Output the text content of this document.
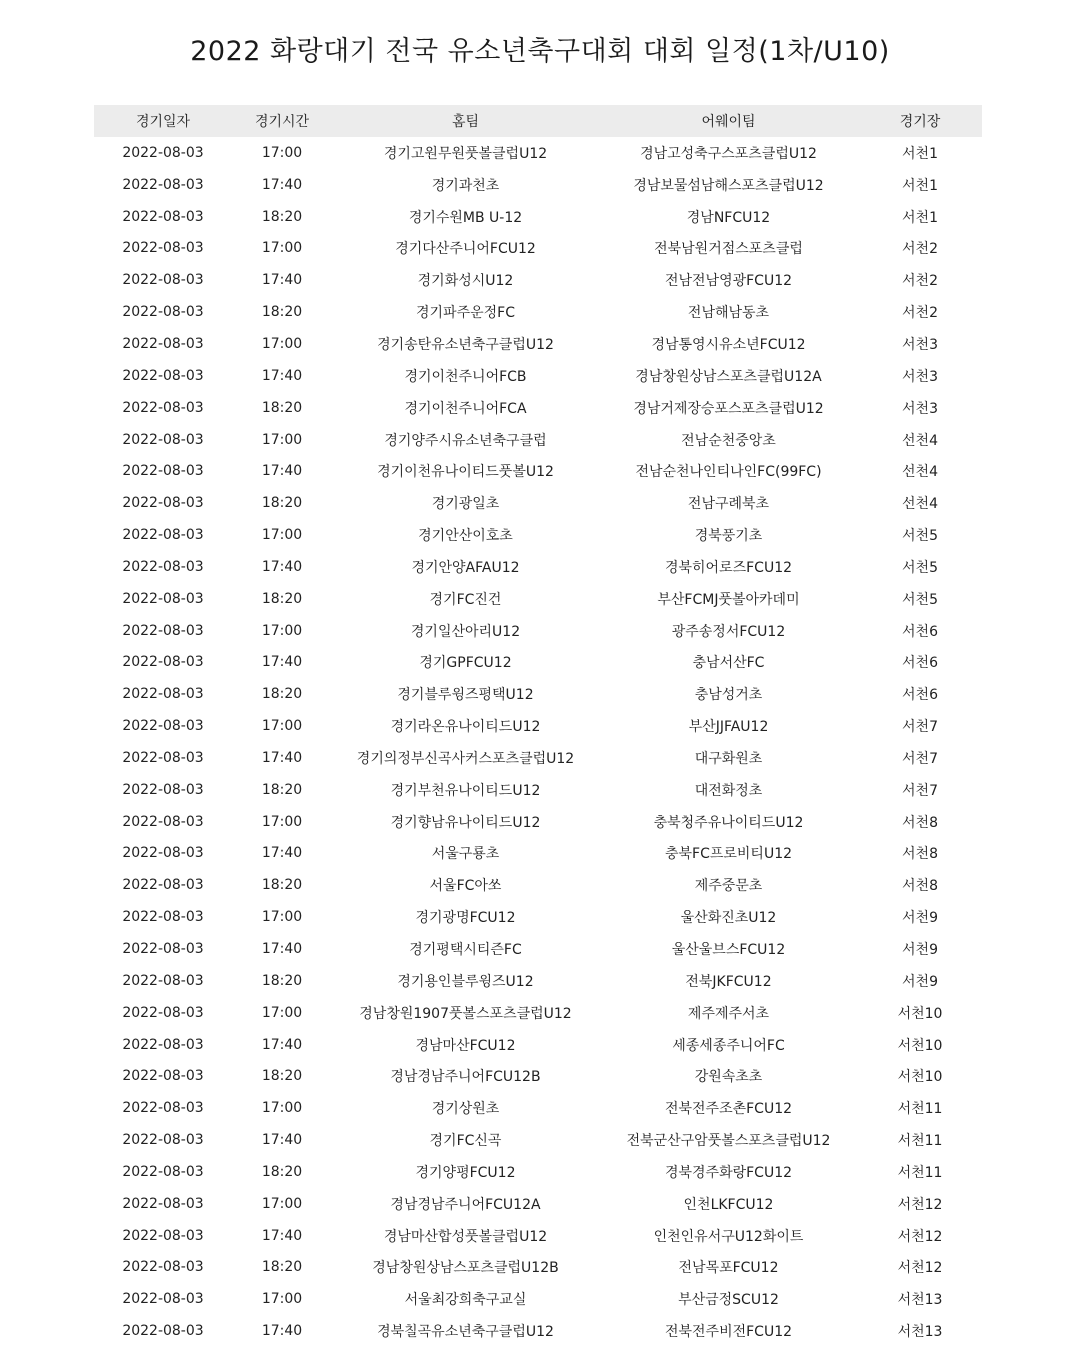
2022 화랑대기 전국 유소년축구대회 대회 일정(1차/U10)
경기일자	경기시간	홈팀	어웨이팀	경기장
2022-08-03	17:00	경기고원무원풋볼클럽U12	경남고성축구스포츠클럽U12	서천1
2022-08-03	17:40	경기과천초	경남보물섬남해스포츠클럽U12	서천1
2022-08-03	18:20	경기수원MB U-12	경남NFCU12	서천1
2022-08-03	17:00	경기다산주니어FCU12	전북남원거점스포츠클럽	서천2
2022-08-03	17:40	경기화성시U12	전남전남영광FCU12	서천2
2022-08-03	18:20	경기파주운정FC	전남해남동초	서천2
2022-08-03	17:00	경기송탄유소년축구클럽U12	경남통영시유소년FCU12	서천3
2022-08-03	17:40	경기이천주니어FCB	경남창원상남스포츠클럽U12A	서천3
2022-08-03	18:20	경기이천주니어FCA	경남거제장승포스포츠클럽U12	서천3
2022-08-03	17:00	경기양주시유소년축구클럽	전남순천중앙초	선천4
2022-08-03	17:40	경기이천유나이티드풋볼U12	전남순천나인티나인FC(99FC)	선천4
2022-08-03	18:20	경기광일초	전남구례북초	선천4
2022-08-03	17:00	경기안산이호초	경북풍기초	서천5
2022-08-03	17:40	경기안양AFAU12	경북히어로즈FCU12	서천5
2022-08-03	18:20	경기FC진건	부산FCMJ풋볼아카데미	서천5
2022-08-03	17:00	경기일산아리U12	광주송정서FCU12	서천6
2022-08-03	17:40	경기GPFCU12	충남서산FC	서천6
2022-08-03	18:20	경기블루윙즈평택U12	충남성거초	서천6
2022-08-03	17:00	경기라온유나이티드U12	부산JJFAU12	서천7
2022-08-03	17:40	경기의정부신곡사커스포츠클럽U12	대구화원초	서천7
2022-08-03	18:20	경기부천유나이티드U12	대전화정초	서천7
2022-08-03	17:00	경기향남유나이티드U12	충북청주유나이티드U12	서천8
2022-08-03	17:40	서울구룡초	충북FC프로비티U12	서천8
2022-08-03	18:20	서울FC아쏘	제주중문초	서천8
2022-08-03	17:00	경기광명FCU12	울산화진초U12	서천9
2022-08-03	17:40	경기평택시티즌FC	울산울브스FCU12	서천9
2022-08-03	18:20	경기용인블루윙즈U12	전북JKFCU12	서천9
2022-08-03	17:00	경남창원1907풋볼스포츠클럽U12	제주제주서초	서천10
2022-08-03	17:40	경남마산FCU12	세종세종주니어FC	서천10
2022-08-03	18:20	경남경남주니어FCU12B	강원속초초	서천10
2022-08-03	17:00	경기상원초	전북전주조촌FCU12	서천11
2022-08-03	17:40	경기FC신곡	전북군산구암풋볼스포츠클럽U12	서천11
2022-08-03	18:20	경기양평FCU12	경북경주화랑FCU12	서천11
2022-08-03	17:00	경남경남주니어FCU12A	인천LKFCU12	서천12
2022-08-03	17:40	경남마산합성풋볼클럽U12	인천인유서구U12화이트	서천12
2022-08-03	18:20	경남창원상남스포츠클럽U12B	전남목포FCU12	서천12
2022-08-03	17:00	서울최강희축구교실	부산금정SCU12	서천13
2022-08-03	17:40	경북칠곡유소년축구클럽U12	전북전주비전FCU12	서천13
